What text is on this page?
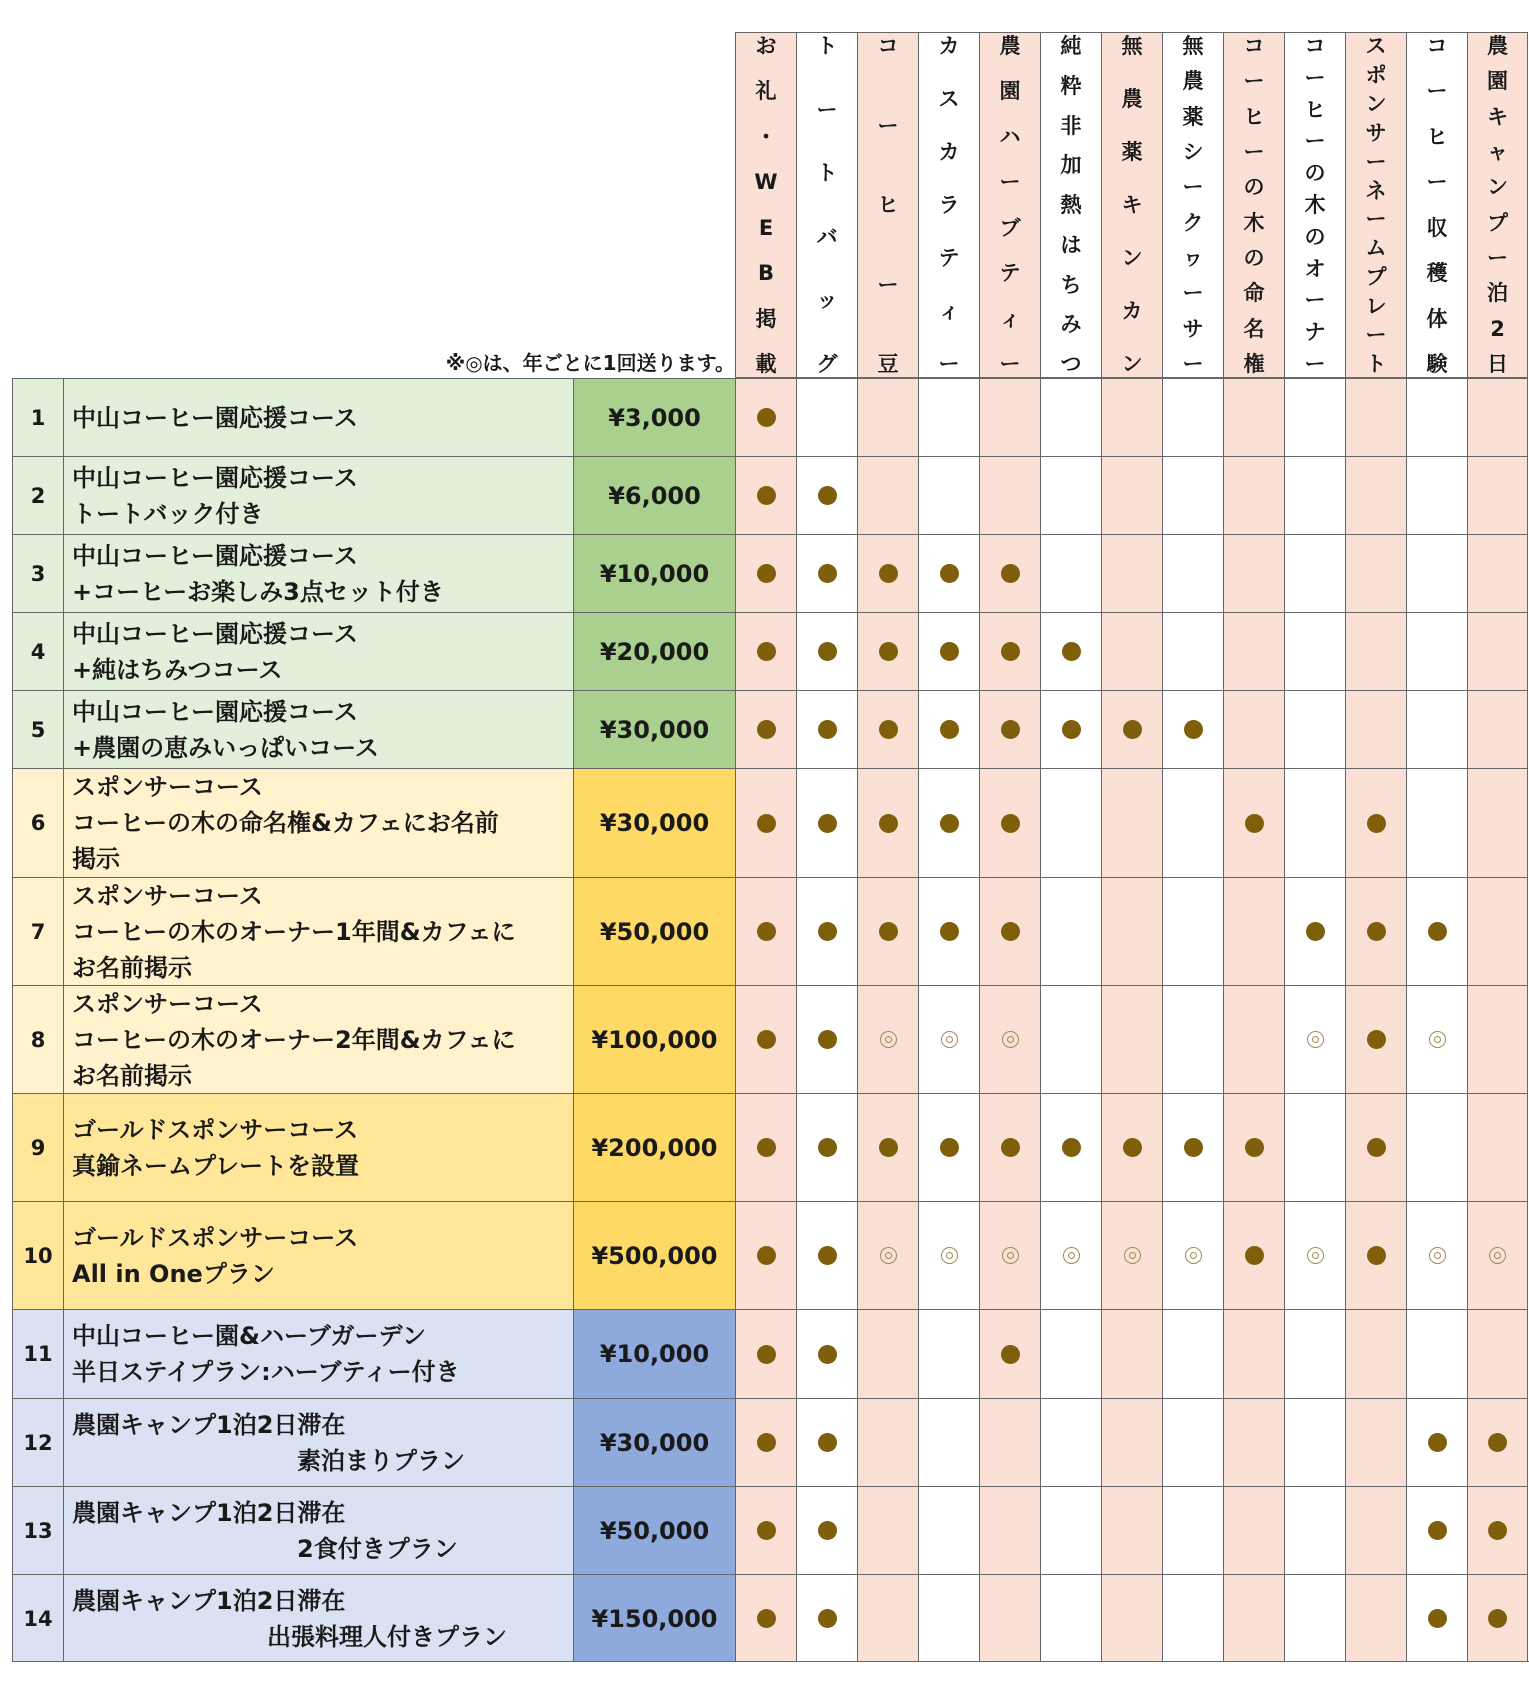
※◎は、年ごとに1回送ります。
お
礼
・
W
E
B
掲
載
ト
ー
ト
バ
ッ
グ
コ
ー
ヒ
ー
豆
カ
ス
カ
ラ
テ
ィ
ー
農
園
ハ
ー
ブ
テ
ィ
ー
純
粋
非
加
熱
は
ち
み
つ
無
農
薬
キ
ン
カ
ン
無
農
薬
シ
ー
ク
ヮ
ー
サ
ー
コ
ー
ヒ
ー
の
木
の
命
名
権
コ
ー
ヒ
ー
の
木
の
オ
ー
ナ
ー
ス
ポ
ン
サ
ー
ネ
ー
ム
プ
レ
ー
ト
コ
ー
ヒ
ー
収
穫
体
験
農
園
キ
ャ
ン
プ
ー
泊
2
日
1	中山コーヒー園応援コース	¥3,000
2
中山コーヒー園応援コース
トートバック付き
¥6,000
3
中山コーヒー園応援コース
+コーヒーお楽しみ3点セット付き
¥10,000
4
中山コーヒー園応援コース
+純はちみつコース
¥20,000
5
中山コーヒー園応援コース
+農園の恵みいっぱいコース
¥30,000
6
スポンサーコース
コーヒーの木の命名権&カフェにお名前
掲示
¥30,000
7
スポンサーコース
コーヒーの木のオーナー1年間&カフェに
お名前掲示
¥50,000
8
スポンサーコース
コーヒーの木のオーナー2年間&カフェに
お名前掲示
¥100,000
9
ゴールドスポンサーコース
真鍮ネームプレートを設置
¥200,000
10
ゴールドスポンサーコース
All in Oneプラン
¥500,000
11
中山コーヒー園&ハーブガーデン
半日ステイプラン:ハーブティー付き
¥10,000
12
農園キャンプ1泊2日滞在
素泊まりプラン
¥30,000
13
農園キャンプ1泊2日滞在
2食付きプラン
¥50,000
14
農園キャンプ1泊2日滞在
出張料理人付きプラン
¥150,000
